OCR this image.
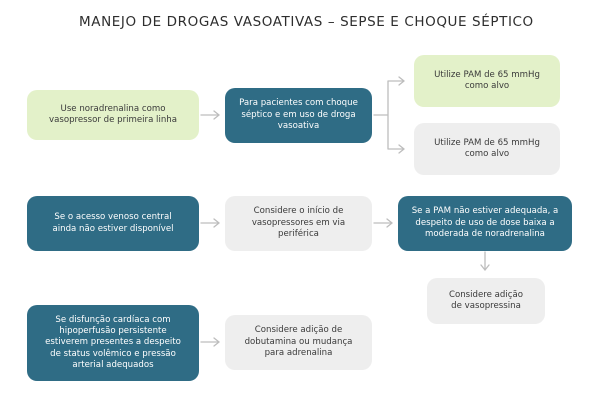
MANEJO DE DROGAS VASOATIVAS – SEPSE E CHOQUE SÉPTICO
Use noradrenalina como
vasopressor de primeira linha
Para pacientes com choque
séptico e em uso de droga
vasoativa
Utilize PAM de 65 mmHg
como alvo
Utilize PAM de 65 mmHg
como alvo
Se o acesso venoso central
ainda não estiver disponível
Considere o início de
vasopressores em via
periférica
Se a PAM não estiver adequada, a
despeito de uso de dose baixa a
moderada de noradrenalina
Considere adição
de vasopressina
Se disfunção cardíaca com
hipoperfusão persistente
estiverem presentes a despeito
de status volêmico e pressão
arterial adequados
Considere adição de
dobutamina ou mudança
para adrenalina
